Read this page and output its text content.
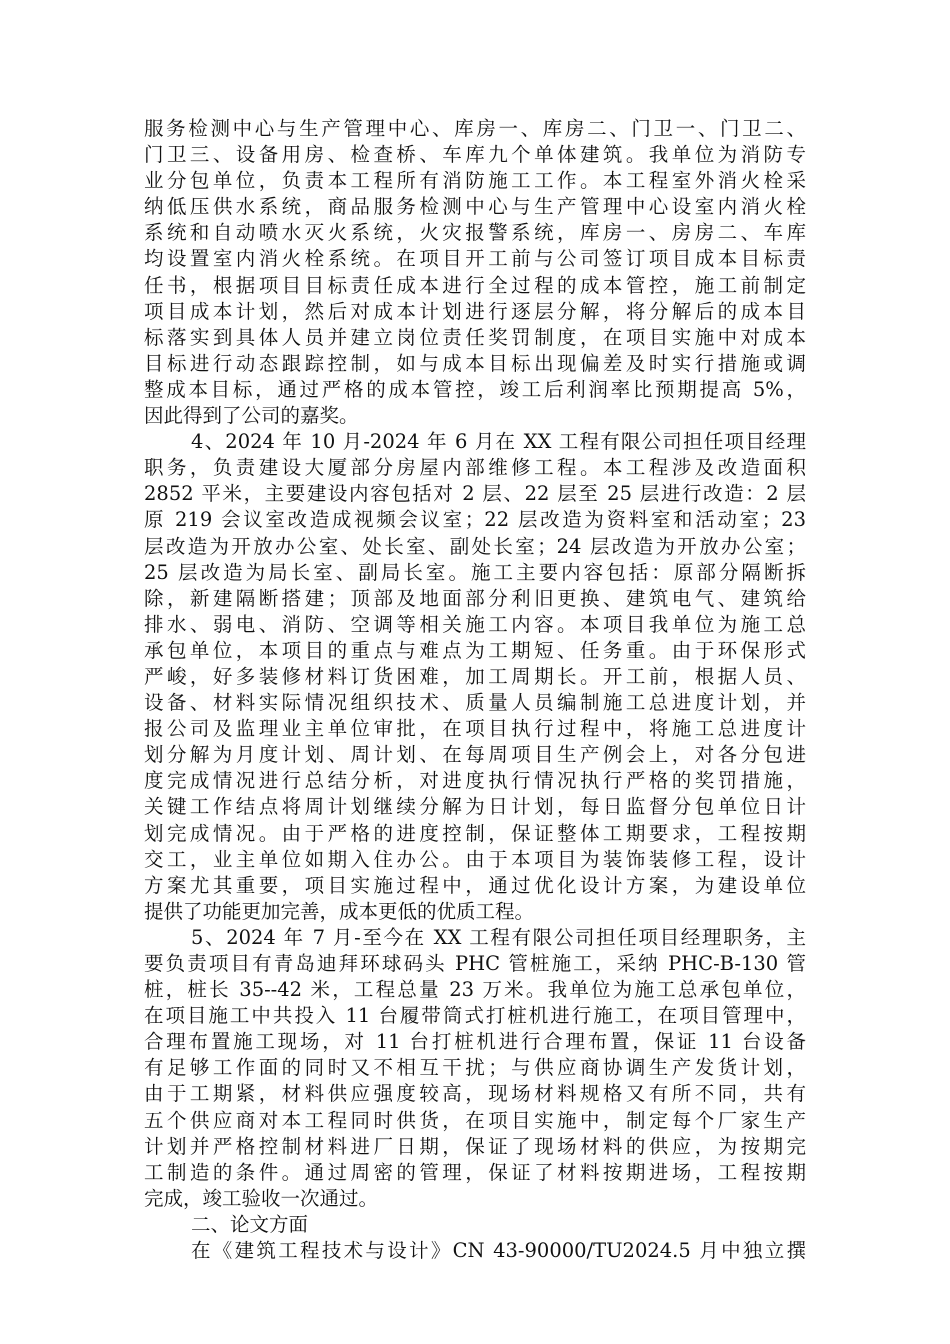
服务检测中心与生产管理中心、库房一、库房二、门卫一、门卫二、
门卫三、设备用房、检查桥、车库九个单体建筑。我单位为消防专
业分包单位，负责本工程所有消防施工工作。本工程室外消火栓采
纳低压供水系统，商品服务检测中心与生产管理中心设室内消火栓
系统和自动喷水灭火系统，火灾报警系统，库房一、房房二、车库
均设置室内消火栓系统。在项目开工前与公司签订项目成本目标责
任书，根据项目目标责任成本进行全过程的成本管控，施工前制定
项目成本计划，然后对成本计划进行逐层分解，将分解后的成本目
标落实到具体人员并建立岗位责任奖罚制度，在项目实施中对成本
目标进行动态跟踪控制，如与成本目标出现偏差及时实行措施或调
整成本目标，通过严格的成本管控，竣工后利润率比预期提高 5%，
因此得到了公司的嘉奖。
4、2024 年 10 月-2024 年 6 月在 XX 工程有限公司担任项目经理
职务，负责建设大厦部分房屋内部维修工程。本工程涉及改造面积
2852 平米，主要建设内容包括对 2 层、22 层至 25 层进行改造：2 层
原 219 会议室改造成视频会议室；22 层改造为资料室和活动室；23
层改造为开放办公室、处长室、副处长室；24 层改造为开放办公室；
25 层改造为局长室、副局长室。施工主要内容包括：原部分隔断拆
除，新建隔断搭建；顶部及地面部分利旧更换、建筑电气、建筑给
排水、弱电、消防、空调等相关施工内容。本项目我单位为施工总
承包单位，本项目的重点与难点为工期短、任务重。由于环保形式
严峻，好多装修材料订货困难，加工周期长。开工前，根据人员、
设备、材料实际情况组织技术、质量人员编制施工总进度计划，并
报公司及监理业主单位审批，在项目执行过程中，将施工总进度计
划分解为月度计划、周计划、在每周项目生产例会上，对各分包进
度完成情况进行总结分析，对进度执行情况执行严格的奖罚措施，
关键工作结点将周计划继续分解为日计划，每日监督分包单位日计
划完成情况。由于严格的进度控制，保证整体工期要求，工程按期
交工，业主单位如期入住办公。由于本项目为装饰装修工程，设计
方案尤其重要，项目实施过程中，通过优化设计方案，为建设单位
提供了功能更加完善，成本更低的优质工程。
5、2024 年 7 月-至今在 XX 工程有限公司担任项目经理职务，主
要负责项目有青岛迪拜环球码头 PHC 管桩施工，采纳 PHC-B-130 管
桩，桩长 35--42 米，工程总量 23 万米。我单位为施工总承包单位，
在项目施工中共投入 11 台履带筒式打桩机进行施工，在项目管理中，
合理布置施工现场，对 11 台打桩机进行合理布置，保证 11 台设备
有足够工作面的同时又不相互干扰；与供应商协调生产发货计划，
由于工期紧，材料供应强度较高，现场材料规格又有所不同，共有
五个供应商对本工程同时供货，在项目实施中，制定每个厂家生产
计划并严格控制材料进厂日期，保证了现场材料的供应，为按期完
工制造的条件。通过周密的管理，保证了材料按期进场，工程按期
完成，竣工验收一次通过。
二、论文方面
在《建筑工程技术与设计》CN 43-90000/TU2024.5 月中独立撰
